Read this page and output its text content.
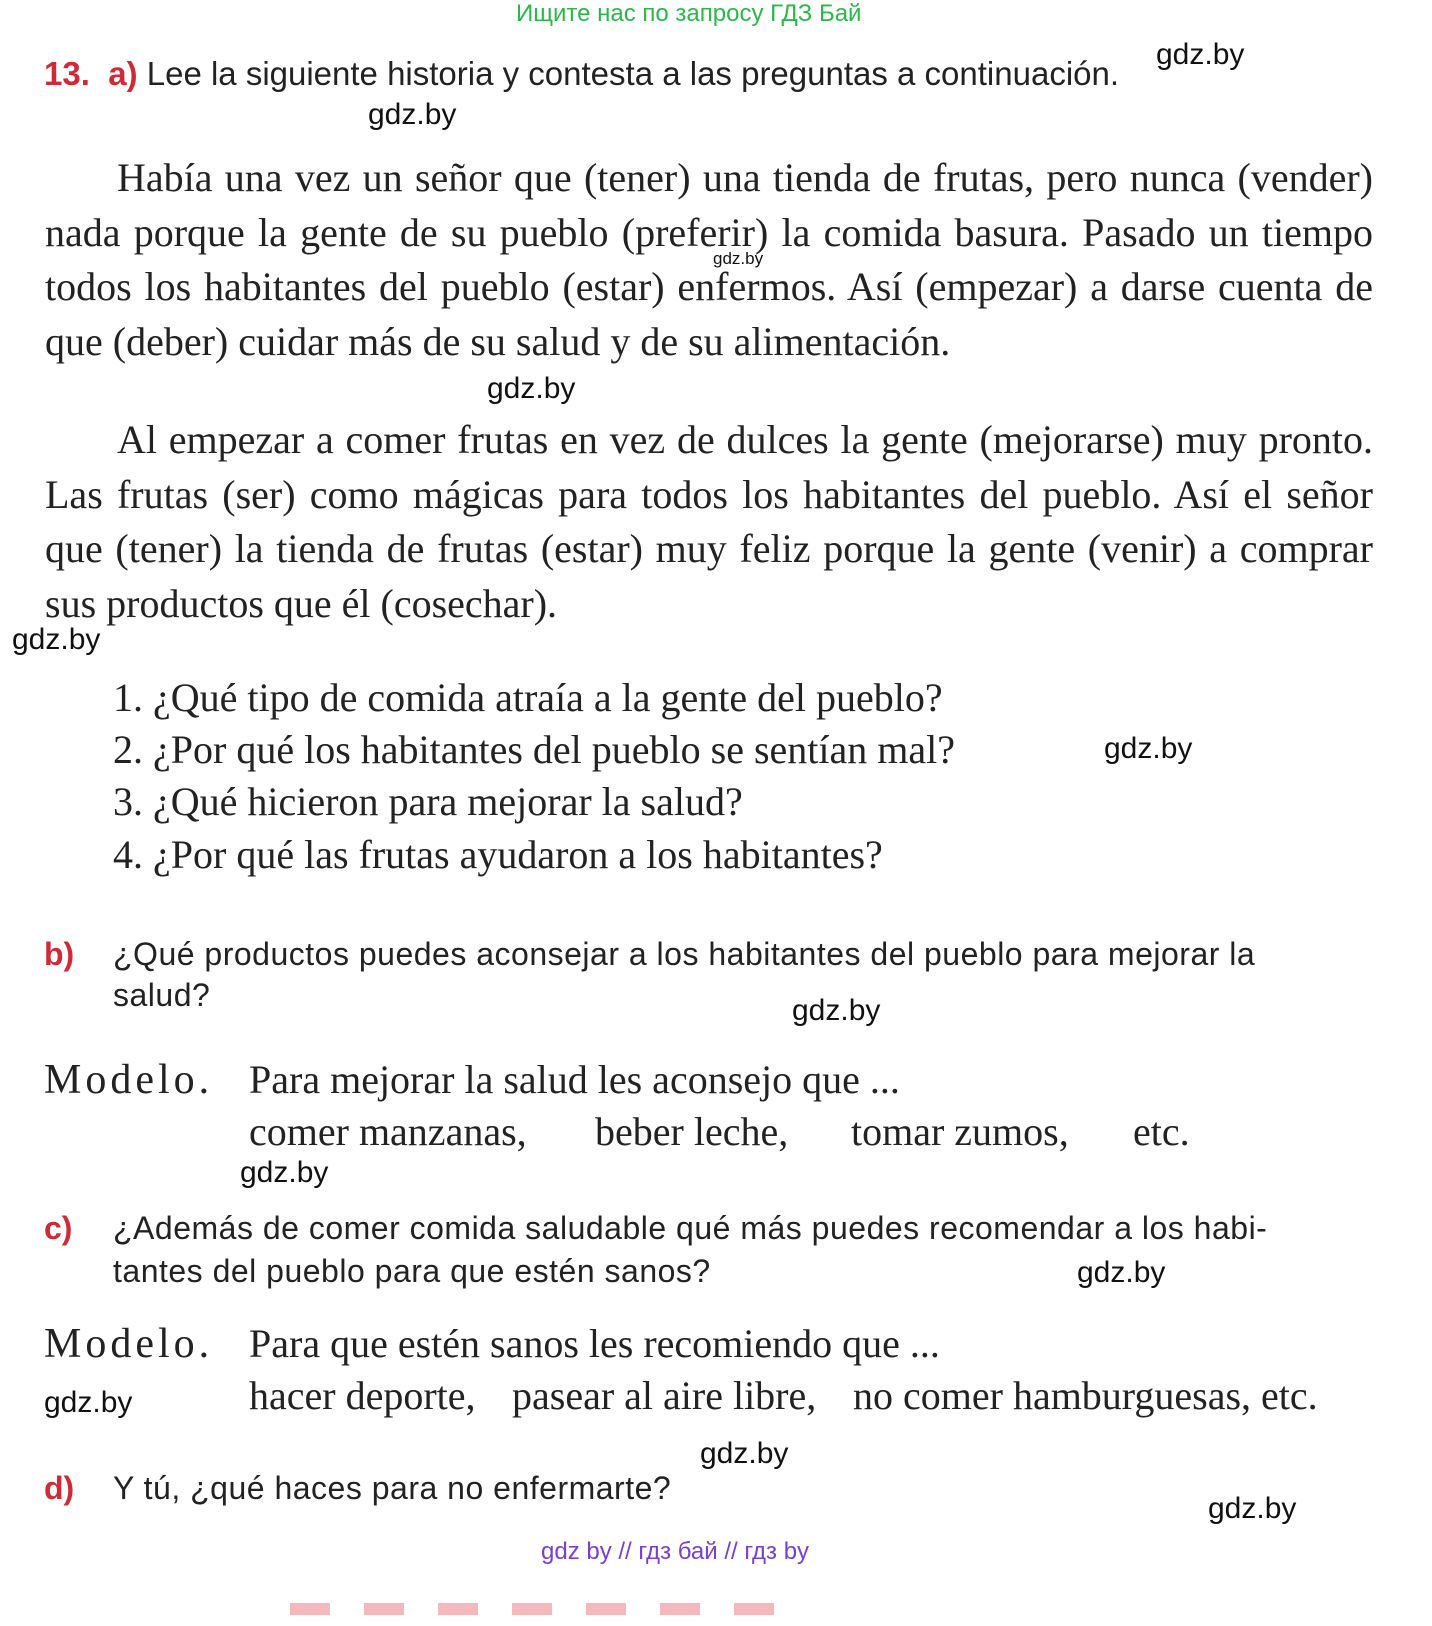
Ищите нас по запросу ГДЗ Бай
13. a) Lee la siguiente historia y contesta a las preguntas a continuación.
Había una vez un señor que (tener) una tienda de frutas, pero nunca (vender) nada porque la gente de su pueblo (preferir) la comida basura. Pasado un tiempo todos los habitantes del pueblo (estar) enfermos. Así (empezar) a darse cuenta de que (deber) cuidar más de su salud y de su alimentación.
Al empezar a comer frutas en vez de dulces la gente (mejorarse) muy pronto. Las frutas (ser) como mágicas para todos los habitantes del pueblo. Así el señor que (tener) la tienda de frutas (estar) muy feliz porque la gente (venir) a comprar sus productos que él (cosechar).
1. ¿Qué tipo de comida atraía a la gente del pueblo?
2. ¿Por qué los habitantes del pueblo se sentían mal?
3. ¿Qué hicieron para mejorar la salud?
4. ¿Por qué las frutas ayudaron a los habitantes?
b) ¿Qué productos puedes aconsejar a los habitantes del pueblo para mejorar la
salud?
Modelo. Para mejorar la salud les aconsejo que ...
comer manzanas, beber leche, tomar zumos, etc.
c) ¿Además de comer comida saludable qué más puedes recomendar a los habi-
tantes del pueblo para que estén sanos?
Modelo. Para que estén sanos les recomiendo que ...
hacer deporte, pasear al aire libre, no comer hamburguesas, etc.
d) Y tú, ¿qué haces para no enfermarte?
gdz.by
gdz.by
gdz.by
gdz.by
gdz.by
gdz.by
gdz.by
gdz.by
gdz.by
gdz.by
gdz.by
gdz.by
▬ ▬ ▬ ▬ ▬ ▬ ▬
gdz by // гдз бай // гдз by
